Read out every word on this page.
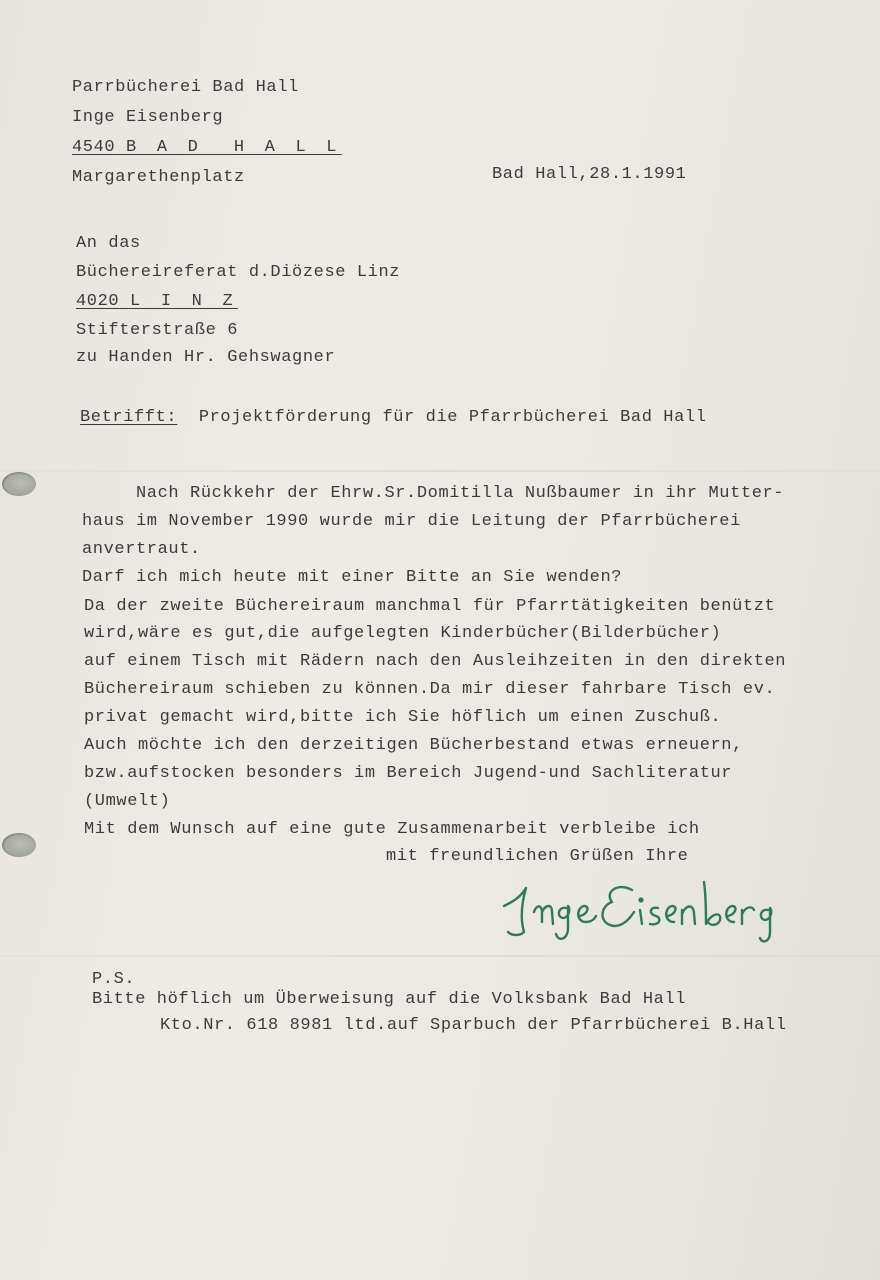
Parrbücherei Bad Hall
Inge Eisenberg
4540 B A D  H A L L
Margarethenplatz	Bad Hall,28.1.1991
An das
Büchereireferat d.Diözese Linz
4020 L I N Z
Stifterstraße 6
zu Handen Hr. Gehswagner
Betrifft: Projektförderung für die Pfarrbücherei Bad Hall
Nach Rückkehr der Ehrw.Sr.Domitilla Nußbaumer in ihr Mutter-
haus im November 1990 wurde mir die Leitung der Pfarrbücherei
anvertraut.
Darf ich mich heute mit einer Bitte an Sie wenden?
Da der zweite Büchereiraum manchmal für Pfarrtätigkeiten benützt
wird,wäre es gut,die aufgelegten Kinderbücher(Bilderbücher)
auf einem Tisch mit Rädern nach den Ausleihzeiten in den direkten
Büchereiraum schieben zu können.Da mir dieser fahrbare Tisch ev.
privat gemacht wird,bitte ich Sie höflich um einen Zuschuß.
Auch möchte ich den derzeitigen Bücherbestand etwas erneuern,
bzw.aufstocken besonders im Bereich Jugend-und Sachliteratur
(Umwelt)
Mit dem Wunsch auf eine gute Zusammenarbeit verbleibe ich
mit freundlichen Grüßen Ihre
P.S.
Bitte höflich um Überweisung auf die Volksbank Bad Hall
Kto.Nr. 618 8981 ltd.auf Sparbuch der Pfarrbücherei B.Hall
